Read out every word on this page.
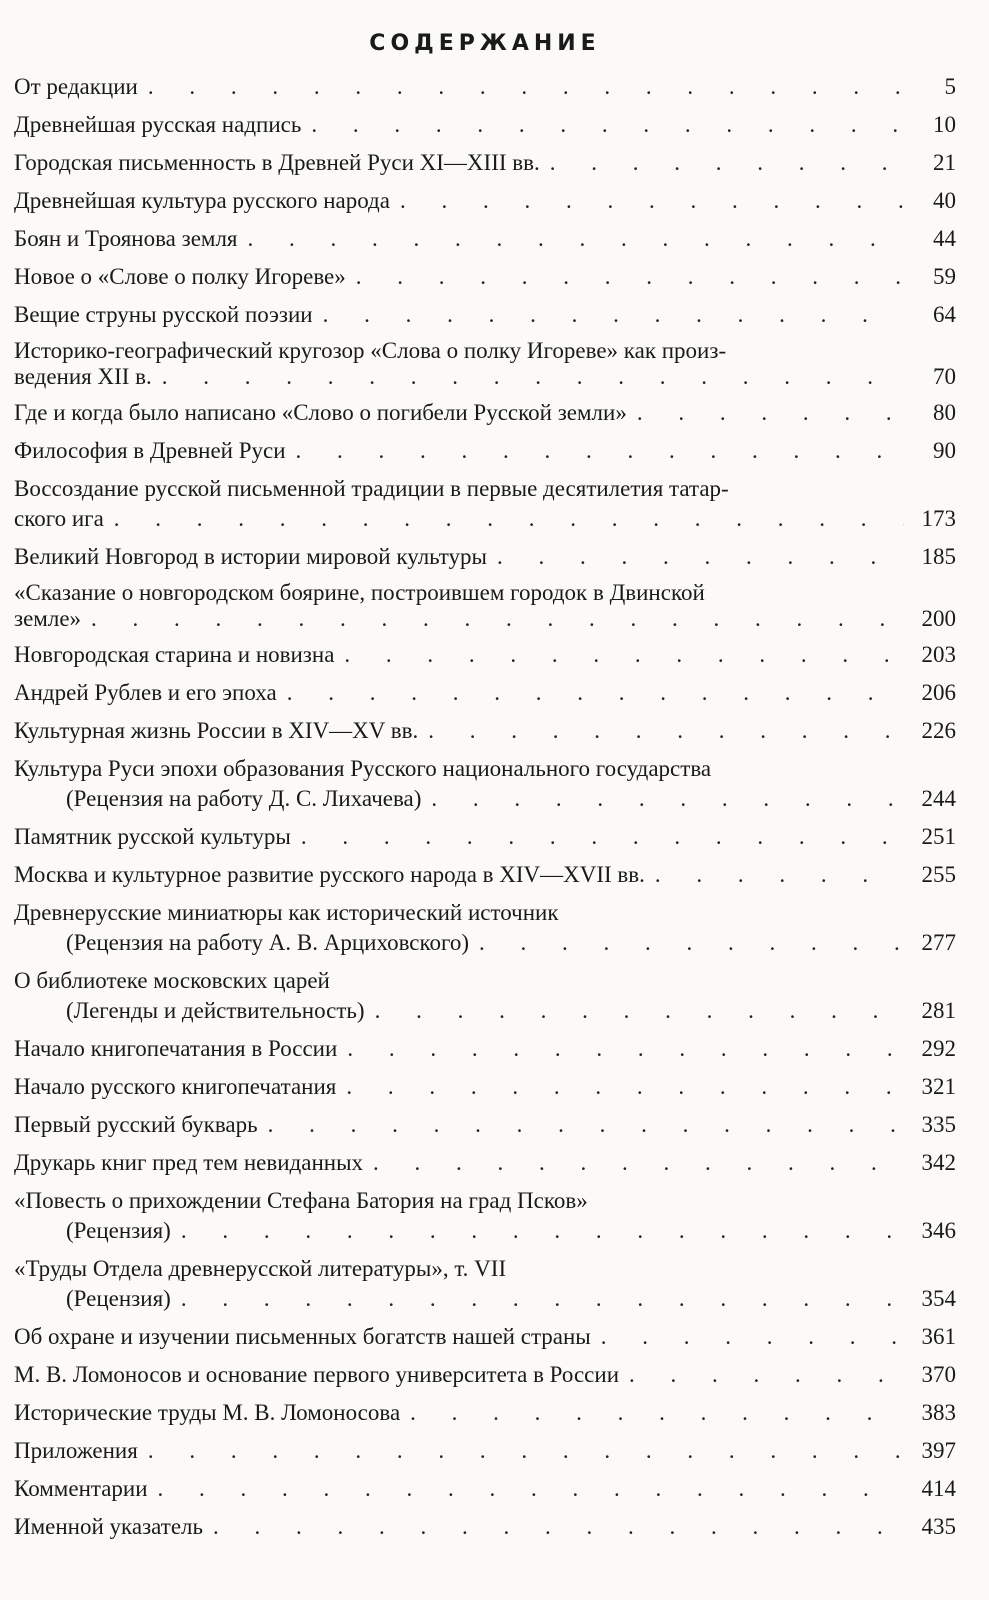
СОДЕРЖАНИЕ
От редакции . . .	5
Древнейшая русская надпись . . .	10
Городская письменность в Древней Руси XI—XIII вв. . . .	21
Древнейшая культура русского народа . . .	40
Боян и Троянова земля . . .	44
Новое о «Слове о полку Игореве» . . .	59
Вещие струны русской поэзии . . .	64
Историко-географический кругозор «Слова о полку Игореве» как произ-
ведения XII в. . . .	70
Где и когда было написано «Слово о погибели Русской земли» . . .	80
Философия в Древней Руси . . .	90
Воссоздание русской письменной традиции в первые десятилетия татар-
ского ига . . .	173
Великий Новгород в истории мировой культуры . . .	185
«Сказание о новгородском боярине, построившем городок в Двинской
земле» . . .	200
Новгородская старина и новизна . . .	203
Андрей Рублев и его эпоха . . .	206
Культурная жизнь России в XIV—XV вв. . . .	226
Культура Руси эпохи образования Русского национального государства
(Рецензия на работу Д. С. Лихачева) . . .	244
Памятник русской культуры . . .	251
Москва и культурное развитие русского народа в XIV—XVII вв. . . .	255
Древнерусские миниатюры как исторический источник
(Рецензия на работу А. В. Арциховского) . . .	277
О библиотеке московских царей
(Легенды и действительность) . . .	281
Начало книгопечатания в России . . .	292
Начало русского книгопечатания . . .	321
Первый русский букварь . . .	335
Друкарь книг пред тем невиданных . . .	342
«Повесть о прихождении Стефана Батория на град Псков»
(Рецензия) . . .	346
«Труды Отдела древнерусской литературы», т. VII
(Рецензия) . . .	354
Об охране и изучении письменных богатств нашей страны . . .	361
М. В. Ломоносов и основание первого университета в России . . .	370
Исторические труды М. В. Ломоносова . . .	383
Приложения . . .	397
Комментарии . . .	414
Именной указатель . . .	435
